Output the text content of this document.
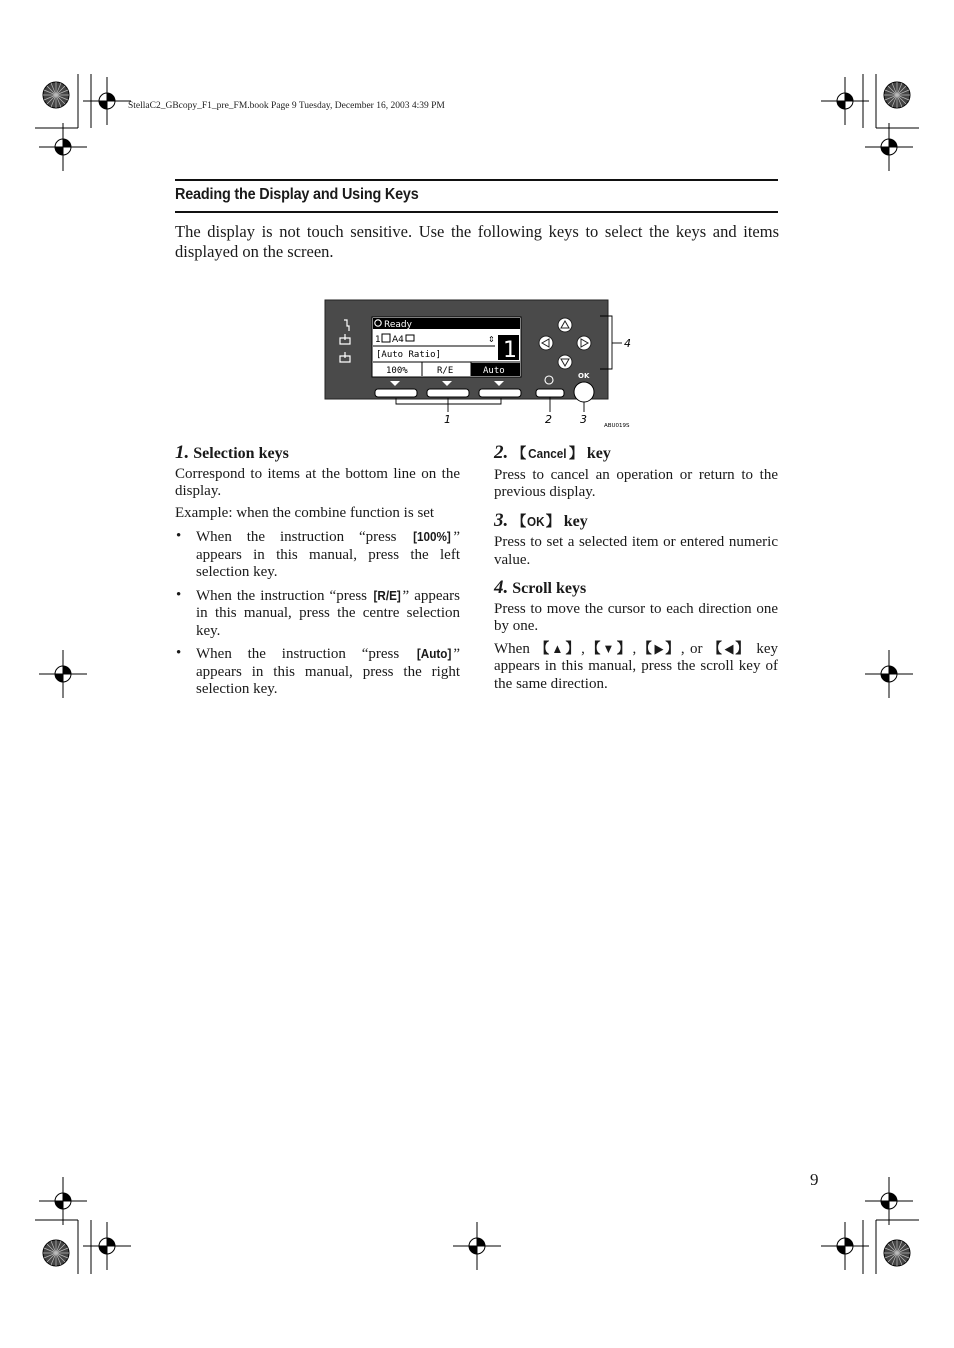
StellaC2_GBcopy_F1_pre_FM.book Page 9 Tuesday, December 16, 2003 4:39 PM
Reading the Display and Using Keys
The display is not touch sensitive. Use the following keys to select the keys and items displayed on the screen.
Ready
1 A4	⇕
[Auto Ratio]	1
100%	R/E	Auto	OK
1	2	3
4
ABU019S
1. Selection keys

Correspond to items at the bottom line on the display.

Example: when the combine function is set

• When the instruction “press [100%] ” appears in this manual, press the left selection key.
• When the instruction “press [R/E] ” appears in this manual, press the centre selection key.
• When the instruction “press [Auto] ” appears in this manual, press the right selection key.
2. 【 Cancel 】 key

Press to cancel an operation or return to the previous display.

3. 【OK】 key

Press to set a selected item or entered numeric value.

4. Scroll keys

Press to move the cursor to each direction one by one.

When 【▲】,【▼】,【▶】, or 【◀】 key appears in this manual, press the scroll key of the same direction.

9
